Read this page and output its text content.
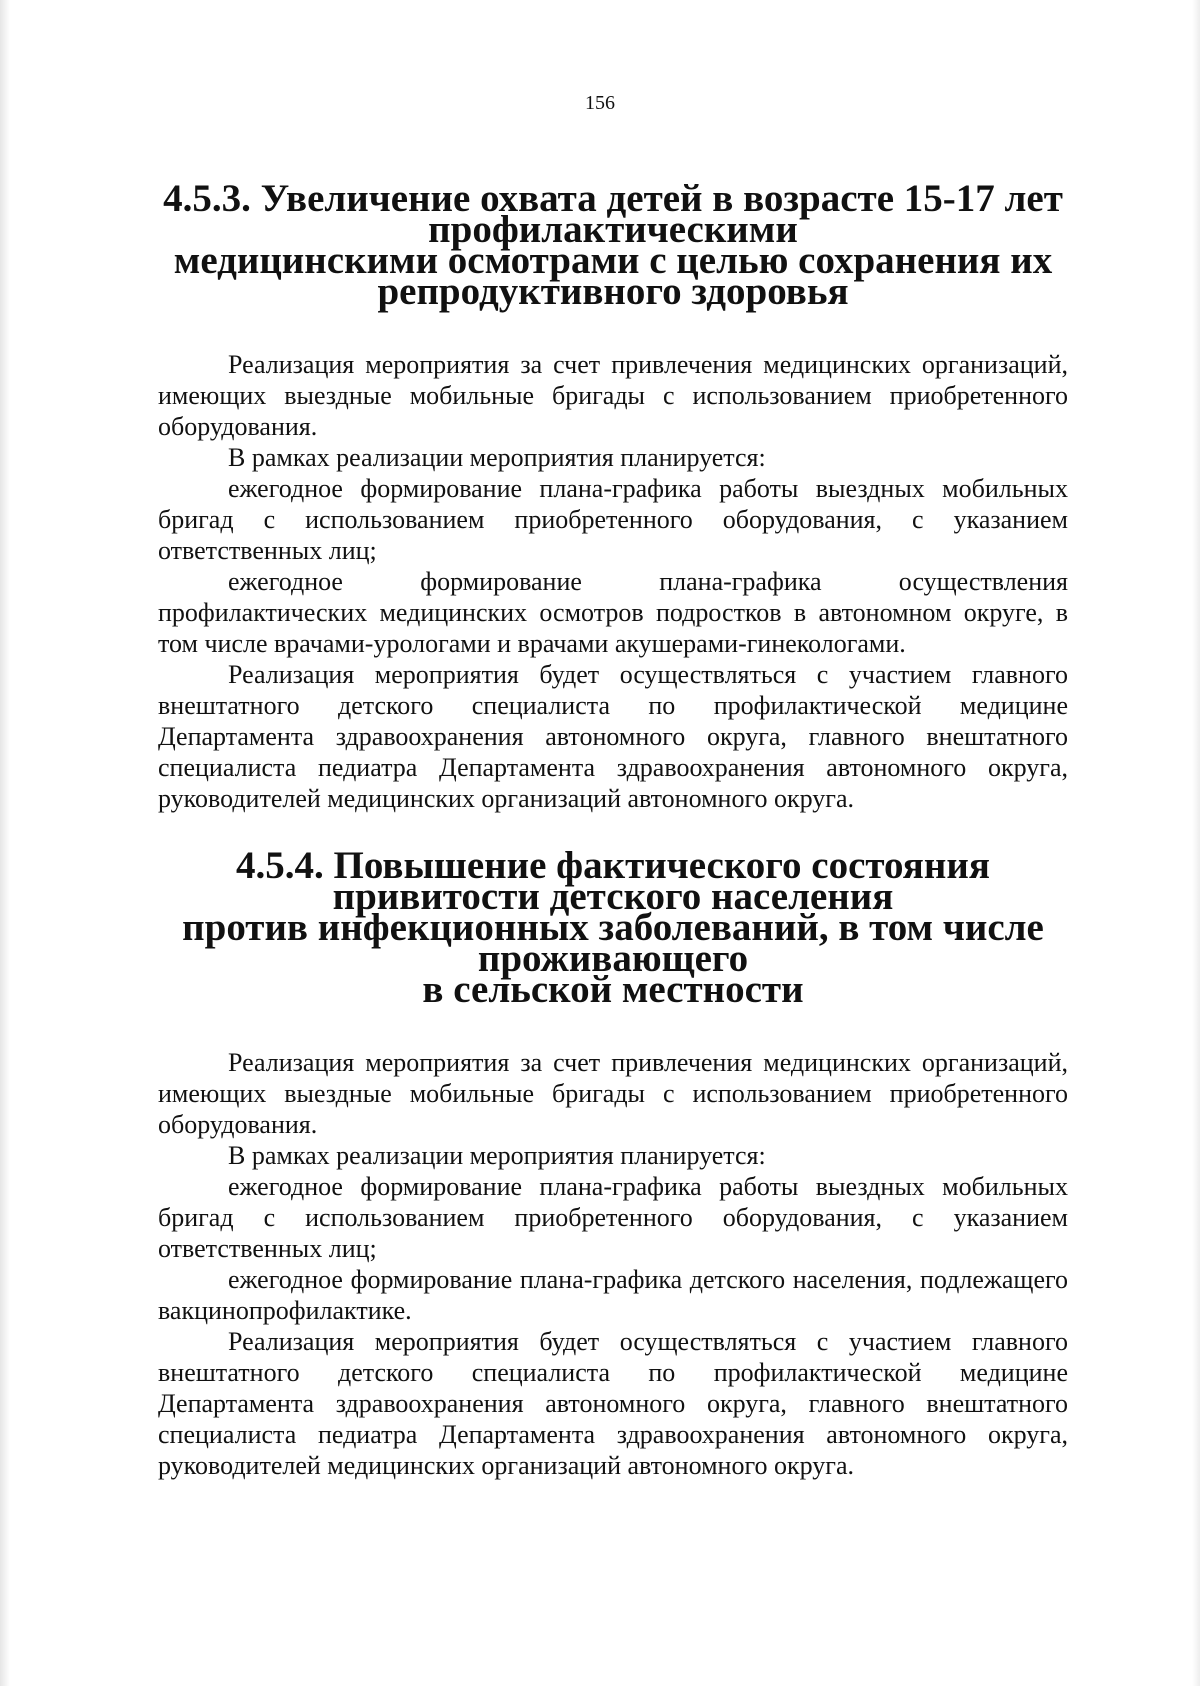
156
4.5.3. Увеличение охвата детей в возрасте 15-17 лет профилактическими
медицинскими осмотрами с целью сохранения их
репродуктивного здоровья

Реализация мероприятия за счет привлечения медицинских организаций, имеющих выездные мобильные бригады с использованием приобретенного оборудования.

В рамках реализации мероприятия планируется:

ежегодное формирование плана-графика работы выездных мобильных бригад с использованием приобретенного оборудования, с указанием ответственных лиц;

ежегодное формирование плана-графика осуществления профилактических медицинских осмотров подростков в автономном округе, в том числе врачами-урологами и врачами акушерами-гинекологами.

Реализация мероприятия будет осуществляться с участием главного внештатного детского специалиста по профилактической медицине Департамента здравоохранения автономного округа, главного внештатного специалиста педиатра Департамента здравоохранения автономного округа, руководителей медицинских организаций автономного округа.

4.5.4. Повышение фактического состояния привитости детского населения
против инфекционных заболеваний, в том числе проживающего
в сельской местности

Реализация мероприятия за счет привлечения медицинских организаций, имеющих выездные мобильные бригады с использованием приобретенного оборудования.

В рамках реализации мероприятия планируется:

ежегодное формирование плана-графика работы выездных мобильных бригад с использованием приобретенного оборудования, с указанием ответственных лиц;

ежегодное формирование плана-графика детского населения, подлежащего вакцинопрофилактике.

Реализация мероприятия будет осуществляться с участием главного внештатного детского специалиста по профилактической медицине Департамента здравоохранения автономного округа, главного внештатного специалиста педиатра Департамента здравоохранения автономного округа, руководителей медицинских организаций автономного округа.
